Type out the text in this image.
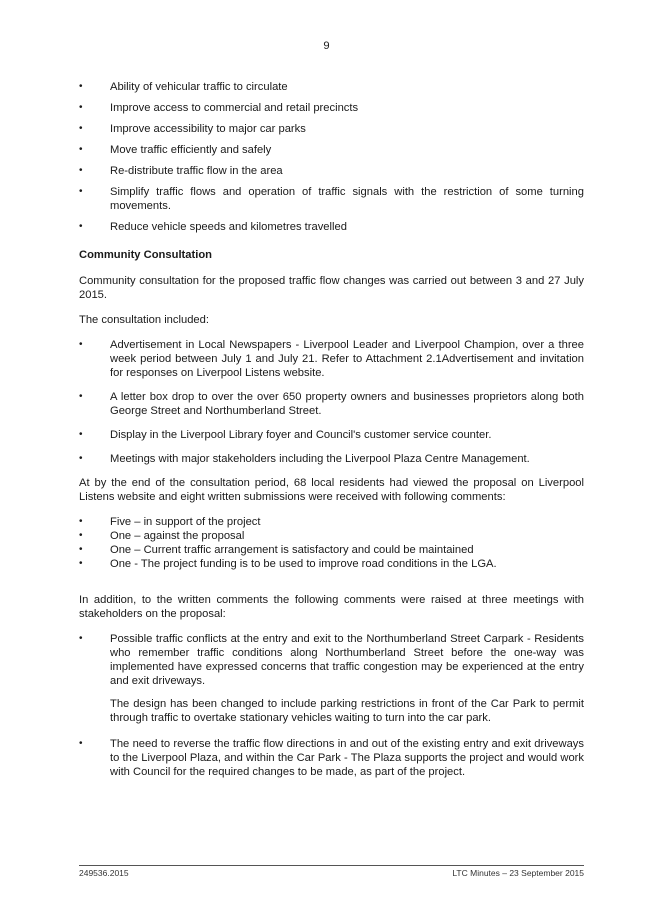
9
• Ability of vehicular traffic to circulate
• Improve access to commercial and retail precincts
• Improve accessibility to major car parks
• Move traffic efficiently and safely
• Re-distribute traffic flow in the area
• Simplify traffic flows and operation of traffic signals with the restriction of some turning movements.
• Reduce vehicle speeds and kilometres travelled

Community Consultation

Community consultation for the proposed traffic flow changes was carried out between 3 and 27 July 2015.

The consultation included:

• Advertisement in Local Newspapers - Liverpool Leader and Liverpool Champion, over a three week period between July 1 and July 21. Refer to Attachment 2.1Advertisement and invitation for responses on Liverpool Listens website.
• A letter box drop to over the over 650 property owners and businesses proprietors along both George Street and Northumberland Street.
• Display in the Liverpool Library foyer and Council's customer service counter.
• Meetings with major stakeholders including the Liverpool Plaza Centre Management.

At by the end of the consultation period, 68 local residents had viewed the proposal on Liverpool Listens website and eight written submissions were received with following comments:

• Five – in support of the project
• One – against the proposal
• One – Current traffic arrangement is satisfactory and could be maintained
• One - The project funding is to be used to improve road conditions in the LGA.

In addition, to the written comments the following comments were raised at three meetings with stakeholders on the proposal:

• Possible traffic conflicts at the entry and exit to the Northumberland Street Carpark - Residents who remember traffic conditions along Northumberland Street before the one-way was implemented have expressed concerns that traffic congestion may be experienced at the entry and exit driveways.

The design has been changed to include parking restrictions in front of the Car Park to permit through traffic to overtake stationary vehicles waiting to turn into the car park.

• The need to reverse the traffic flow directions in and out of the existing entry and exit driveways to the Liverpool Plaza, and within the Car Park - The Plaza supports the project and would work with Council for the required changes to be made, as part of the project.

249536.2015	LTC Minutes – 23 September 2015
